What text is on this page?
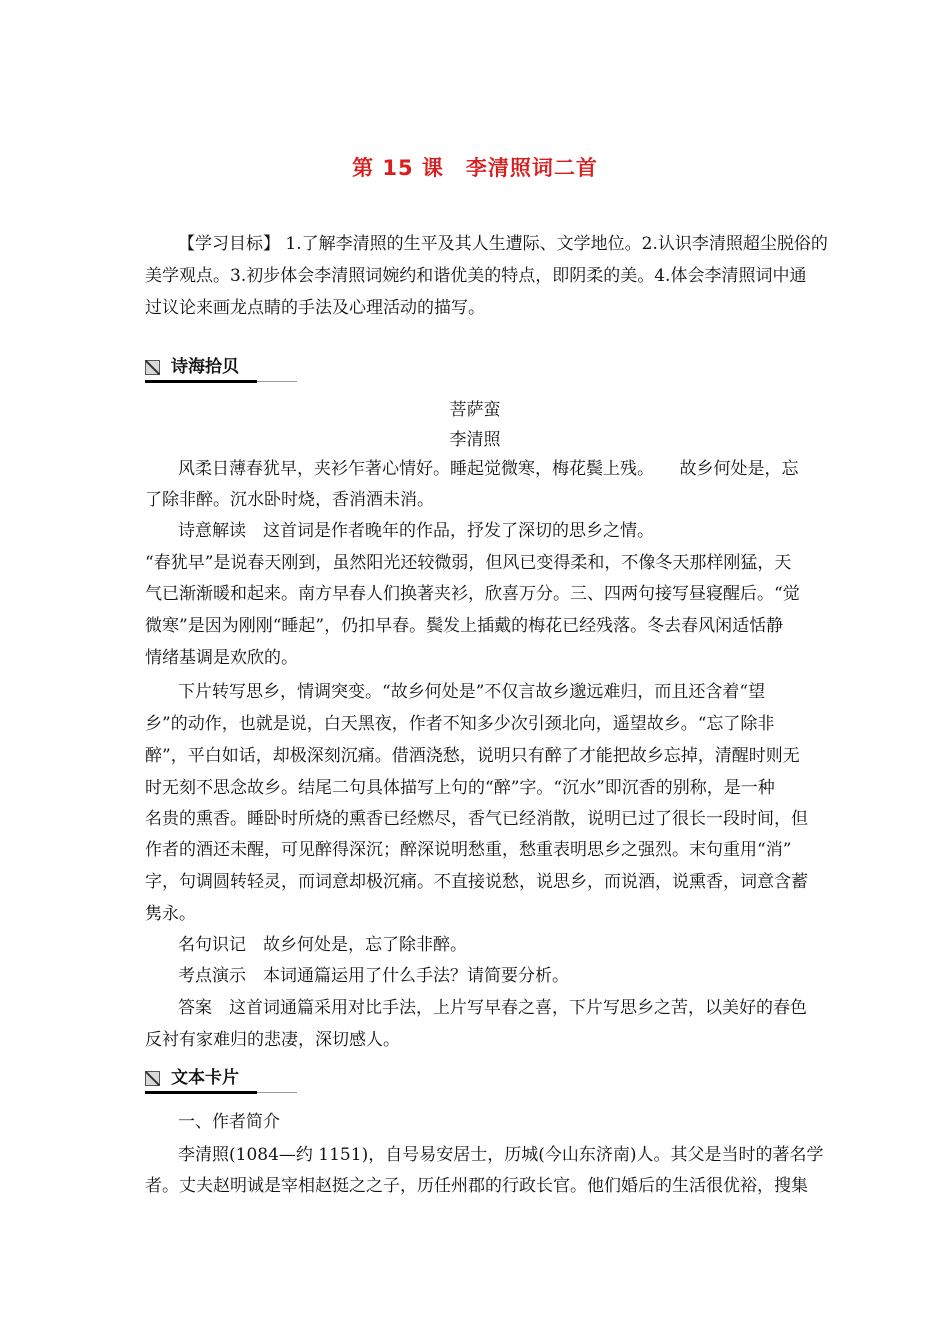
第 15 课　李清照词二首
【学习目标】 1.了解李清照的生平及其人生遭际、文学地位。2.认识李清照超尘脱俗的
美学观点。3.初步体会李清照词婉约和谐优美的特点，即阴柔的美。4.体会李清照词中通
过议论来画龙点睛的手法及心理活动的描写。
诗海拾贝
菩萨蛮
李清照
风柔日薄春犹早，夹衫乍著心情好。睡起觉微寒，梅花鬓上残。　　故乡何处是，忘
了除非醉。沉水卧时烧，香消酒未消。
诗意解读　这首词是作者晚年的作品，抒发了深切的思乡之情。
“春犹早”是说春天刚到，虽然阳光还较微弱，但风已变得柔和，不像冬天那样刚猛，天
气已渐渐暖和起来。南方早春人们换著夹衫，欣喜万分。三、四两句接写昼寝醒后。“觉
微寒”是因为刚刚“睡起”，仍扣早春。鬓发上插戴的梅花已经残落。冬去春风闲适恬静
情绪基调是欢欣的。
下片转写思乡，情调突变。“故乡何处是”不仅言故乡邈远难归，而且还含着“望
乡”的动作，也就是说，白天黑夜，作者不知多少次引颈北向，遥望故乡。“忘了除非
醉”，平白如话，却极深刻沉痛。借酒浇愁，说明只有醉了才能把故乡忘掉，清醒时则无
时无刻不思念故乡。结尾二句具体描写上句的“醉”字。“沉水”即沉香的别称，是一种
名贵的熏香。睡卧时所烧的熏香已经燃尽，香气已经消散，说明已过了很长一段时间，但
作者的酒还未醒，可见醉得深沉；醉深说明愁重，愁重表明思乡之强烈。末句重用“消”
字，句调圆转轻灵，而词意却极沉痛。不直接说愁，说思乡，而说酒，说熏香，词意含蓄
隽永。
名句识记　故乡何处是，忘了除非醉。
考点演示　本词通篇运用了什么手法？请简要分析。
答案　这首词通篇采用对比手法，上片写早春之喜，下片写思乡之苦，以美好的春色
反衬有家难归的悲凄，深切感人。
文本卡片
一、作者简介
李清照(1084—约 1151)，自号易安居士，历城(今山东济南)人。其父是当时的著名学
者。丈夫赵明诚是宰相赵挺之之子，历任州郡的行政长官。他们婚后的生活很优裕，搜集
